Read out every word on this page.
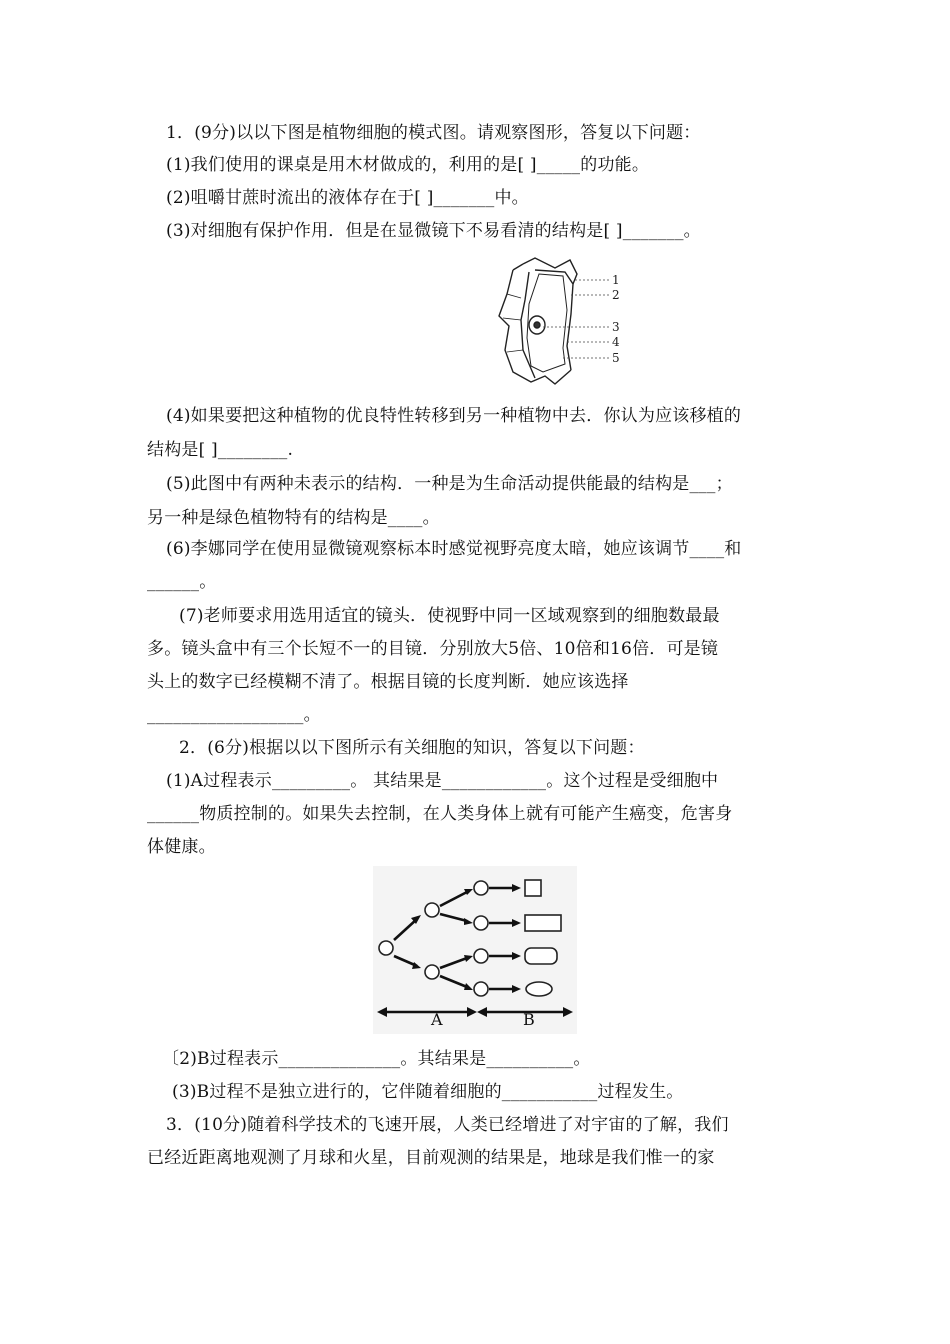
1．(9分)以以下图是植物细胞的模式图。请观察图形，答复以下问题：
(1)我们使用的课桌是用木材做成的，利用的是[ ]_____的功能。
(2)咀嚼甘蔗时流出的液体存在于[ ]_______中。
(3)对细胞有保护作用．但是在显微镜下不易看清的结构是[ ]_______。
1
2
3
4
5
(4)如果要把这种植物的优良特性转移到另一种植物中去．你认为应该移植的
结构是[ ]________.
(5)此图中有两种未表示的结构．一种是为生命活动提供能最的结构是___；
另一种是绿色植物特有的结构是____。
(6)李娜同学在使用显微镜观察标本时感觉视野亮度太暗，她应该调节____和
______。
(7)老师要求用选用适宜的镜头．使视野中同一区域观察到的细胞数最最
多。镜头盒中有三个长短不一的目镜．分别放大5倍、10倍和16倍．可是镜
头上的数字已经模糊不清了。根据目镜的长度判断．她应该选择
__________________。
2．(6分)根据以以下图所示有关细胞的知识，答复以下问题：
(1)A过程表示_________。 其结果是____________。这个过程是受细胞中
______物质控制的。如果失去控制，在人类身体上就有可能产生癌变，危害身
体健康。
A	B
〔2)B过程表示______________。其结果是__________。
(3)B过程不是独立进行的，它伴随着细胞的___________过程发生。
3．(10分)随着科学技术的飞速开展，人类已经增进了对宇宙的了解，我们
已经近距离地观测了月球和火星，目前观测的结果是，地球是我们惟一的家
